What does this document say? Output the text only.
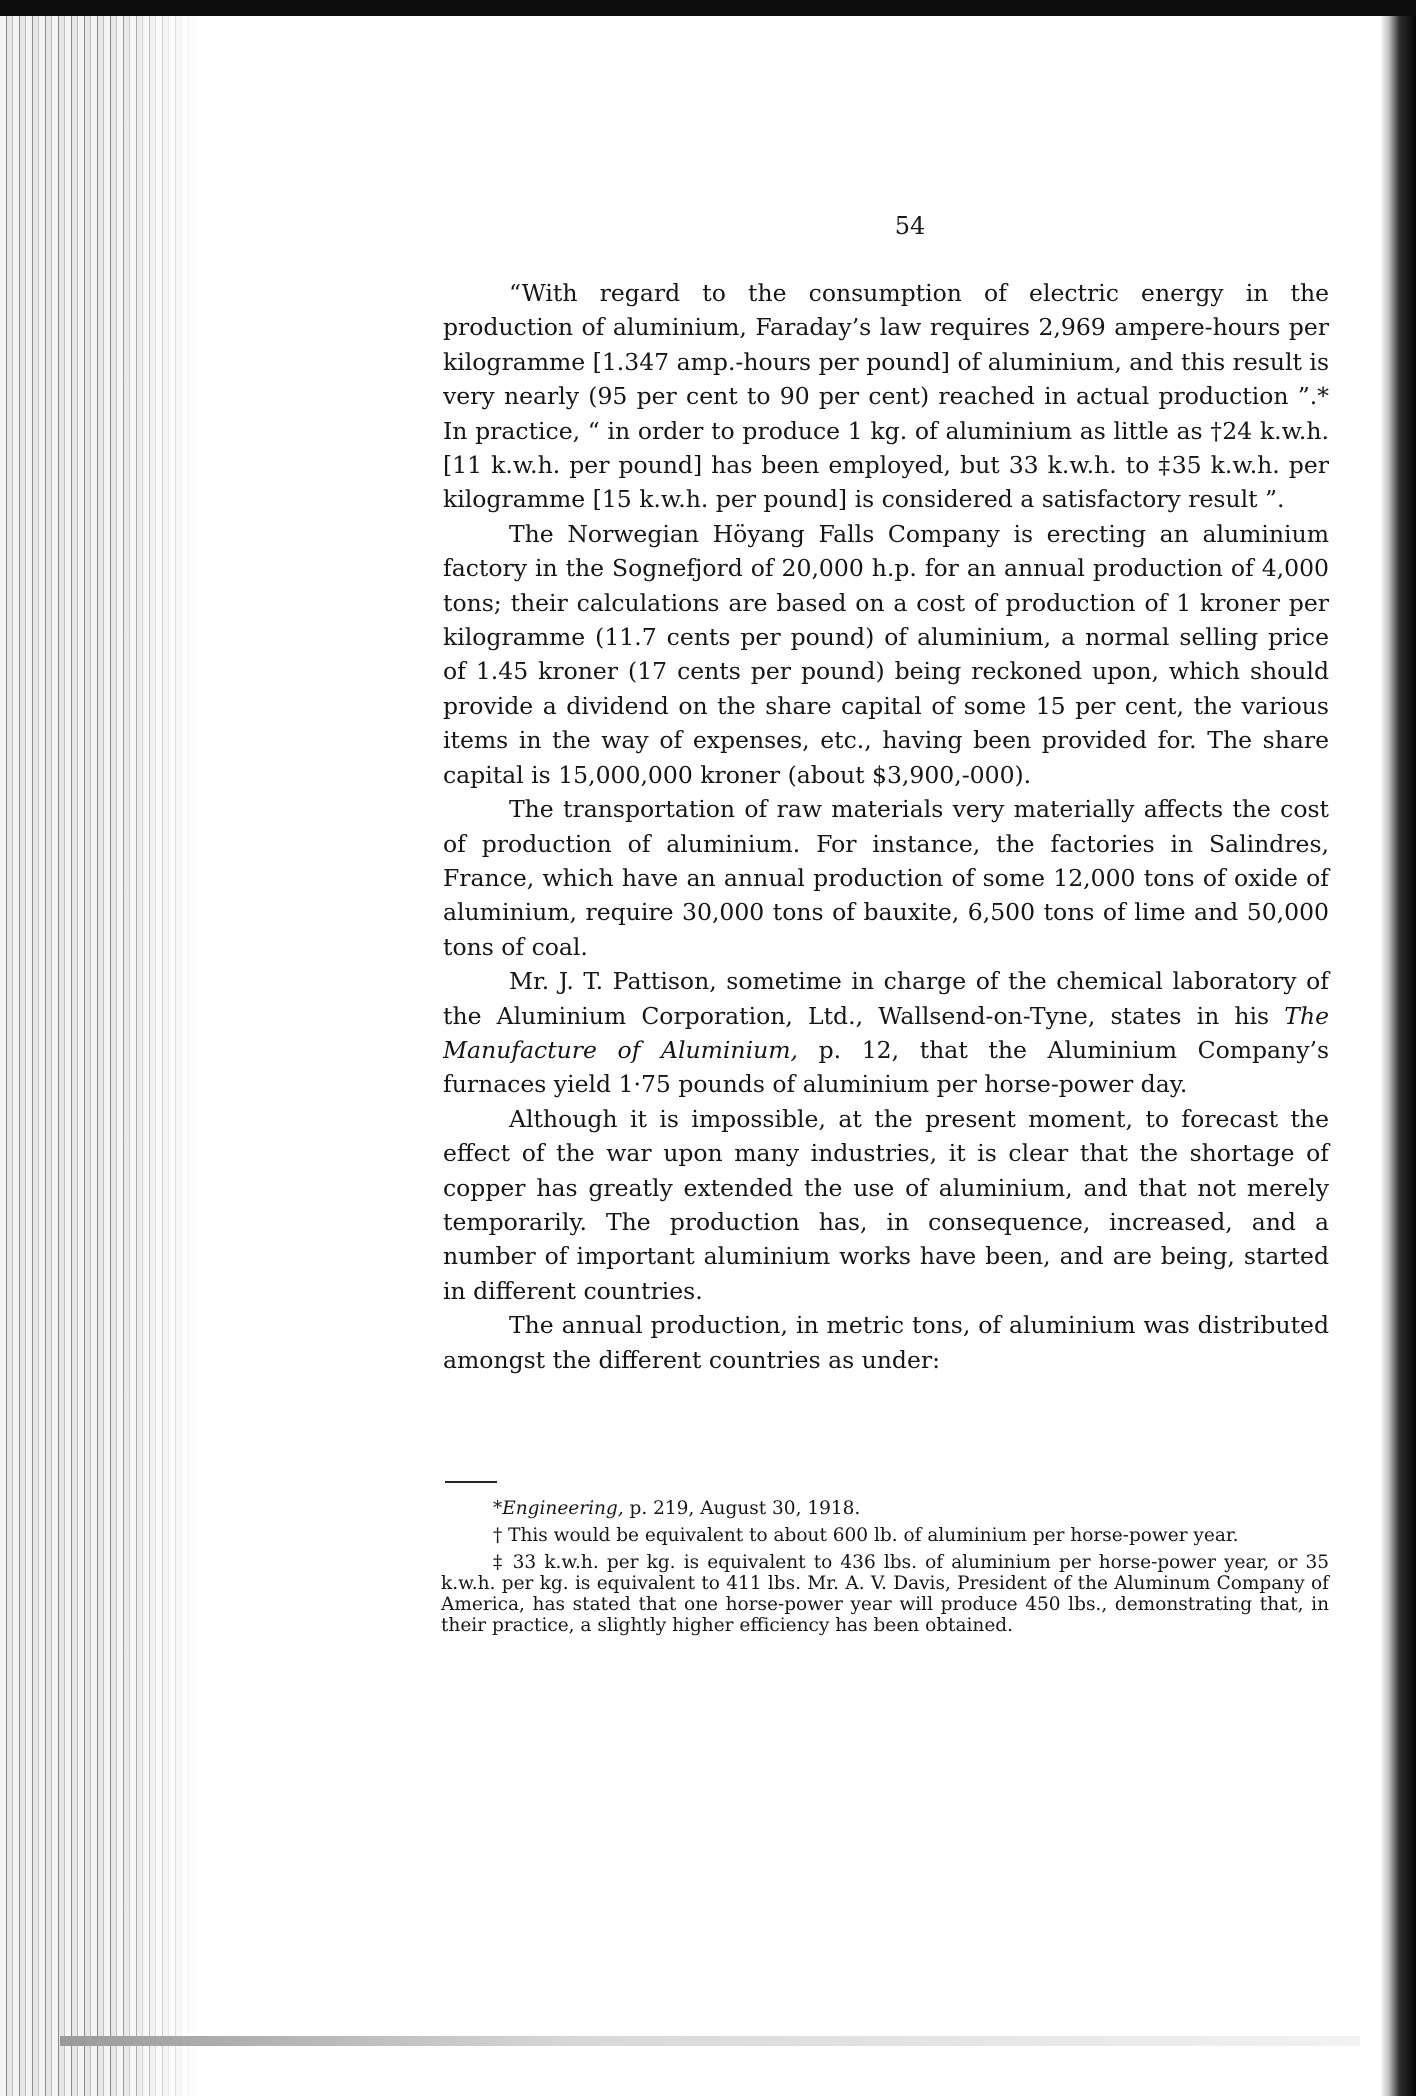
54

“With regard to the consumption of electric energy in the production of aluminium, Faraday’s law requires 2,969 ampere-hours per kilogramme [1.347 amp.-hours per pound] of aluminium, and this result is very nearly (95 per cent to 90 per cent) reached in actual production ”.* In practice, “ in order to produce 1 kg. of aluminium as little as †24 k.w.h. [11 k.w.h. per pound] has been employed, but 33 k.w.h. to ‡35 k.w.h. per kilogramme [15 k.w.h. per pound] is considered a satisfactory result ”.

The Norwegian Höyang Falls Company is erecting an aluminium factory in the Sognefjord of 20,000 h.p. for an annual production of 4,000 tons; their calculations are based on a cost of production of 1 kroner per kilogramme (11.7 cents per pound) of aluminium, a normal selling price of 1.45 kroner (17 cents per pound) being reckoned upon, which should provide a dividend on the share capital of some 15 per cent, the various items in the way of expenses, etc., having been provided for. The share capital is 15,000,000 kroner (about $3,900,-000).

The transportation of raw materials very materially affects the cost of production of aluminium. For instance, the factories in Salindres, France, which have an annual production of some 12,000 tons of oxide of aluminium, require 30,000 tons of bauxite, 6,500 tons of lime and 50,000 tons of coal.

Mr. J. T. Pattison, sometime in charge of the chemical laboratory of the Aluminium Corporation, Ltd., Wallsend-on-Tyne, states in his The Manufacture of Aluminium, p. 12, that the Aluminium Company’s furnaces yield 1·75 pounds of aluminium per horse-power day.

Although it is impossible, at the present moment, to forecast the effect of the war upon many industries, it is clear that the shortage of copper has greatly extended the use of aluminium, and that not merely temporarily. The production has, in consequence, increased, and a number of important aluminium works have been, and are being, started in different countries.

The annual production, in metric tons, of aluminium was distributed amongst the different countries as under:

*Engineering, p. 219, August 30, 1918.

† This would be equivalent to about 600 lb. of aluminium per horse-power year.

‡ 33 k.w.h. per kg. is equivalent to 436 lbs. of aluminium per horse-power year, or 35 k.w.h. per kg. is equivalent to 411 lbs. Mr. A. V. Davis, President of the Aluminum Company of America, has stated that one horse-power year will produce 450 lbs., demonstrating that, in their practice, a slightly higher efficiency has been obtained.
